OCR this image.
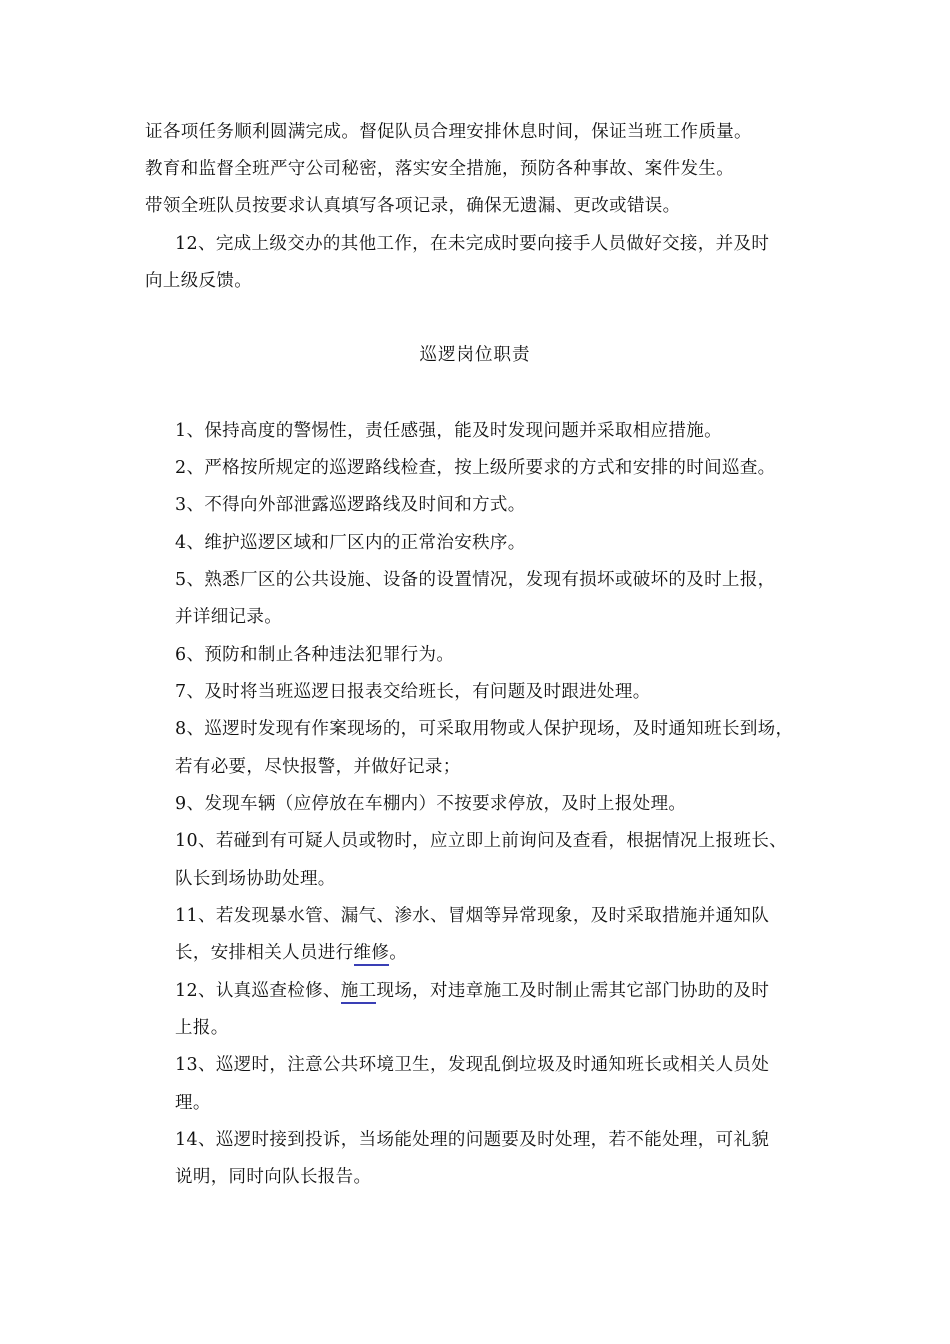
证各项任务顺利圆满完成。督促队员合理安排休息时间，保证当班工作质量。
教育和监督全班严守公司秘密，落实安全措施，预防各种事故、案件发生。
带领全班队员按要求认真填写各项记录，确保无遗漏、更改或错误。
12、完成上级交办的其他工作，在未完成时要向接手人员做好交接，并及时
向上级反馈。
巡逻岗位职责
1、保持高度的警惕性，责任感强，能及时发现问题并采取相应措施。
2、严格按所规定的巡逻路线检查，按上级所要求的方式和安排的时间巡查。
3、不得向外部泄露巡逻路线及时间和方式。
4、维护巡逻区域和厂区内的正常治安秩序。
5、熟悉厂区的公共设施、设备的设置情况，发现有损坏或破坏的及时上报，
并详细记录。
6、预防和制止各种违法犯罪行为。
7、及时将当班巡逻日报表交给班长，有问题及时跟进处理。
8、巡逻时发现有作案现场的，可采取用物或人保护现场，及时通知班长到场，
若有必要，尽快报警，并做好记录；
9、发现车辆（应停放在车棚内）不按要求停放，及时上报处理。
10、若碰到有可疑人员或物时，应立即上前询问及查看，根据情况上报班长、
队长到场协助处理。
11、若发现暴水管、漏气、渗水、冒烟等异常现象，及时采取措施并通知队
长，安排相关人员进行维修。
12、认真巡查检修、施工现场，对违章施工及时制止需其它部门协助的及时
上报。
13、巡逻时，注意公共环境卫生，发现乱倒垃圾及时通知班长或相关人员处
理。
14、巡逻时接到投诉，当场能处理的问题要及时处理，若不能处理，可礼貌
说明，同时向队长报告。
